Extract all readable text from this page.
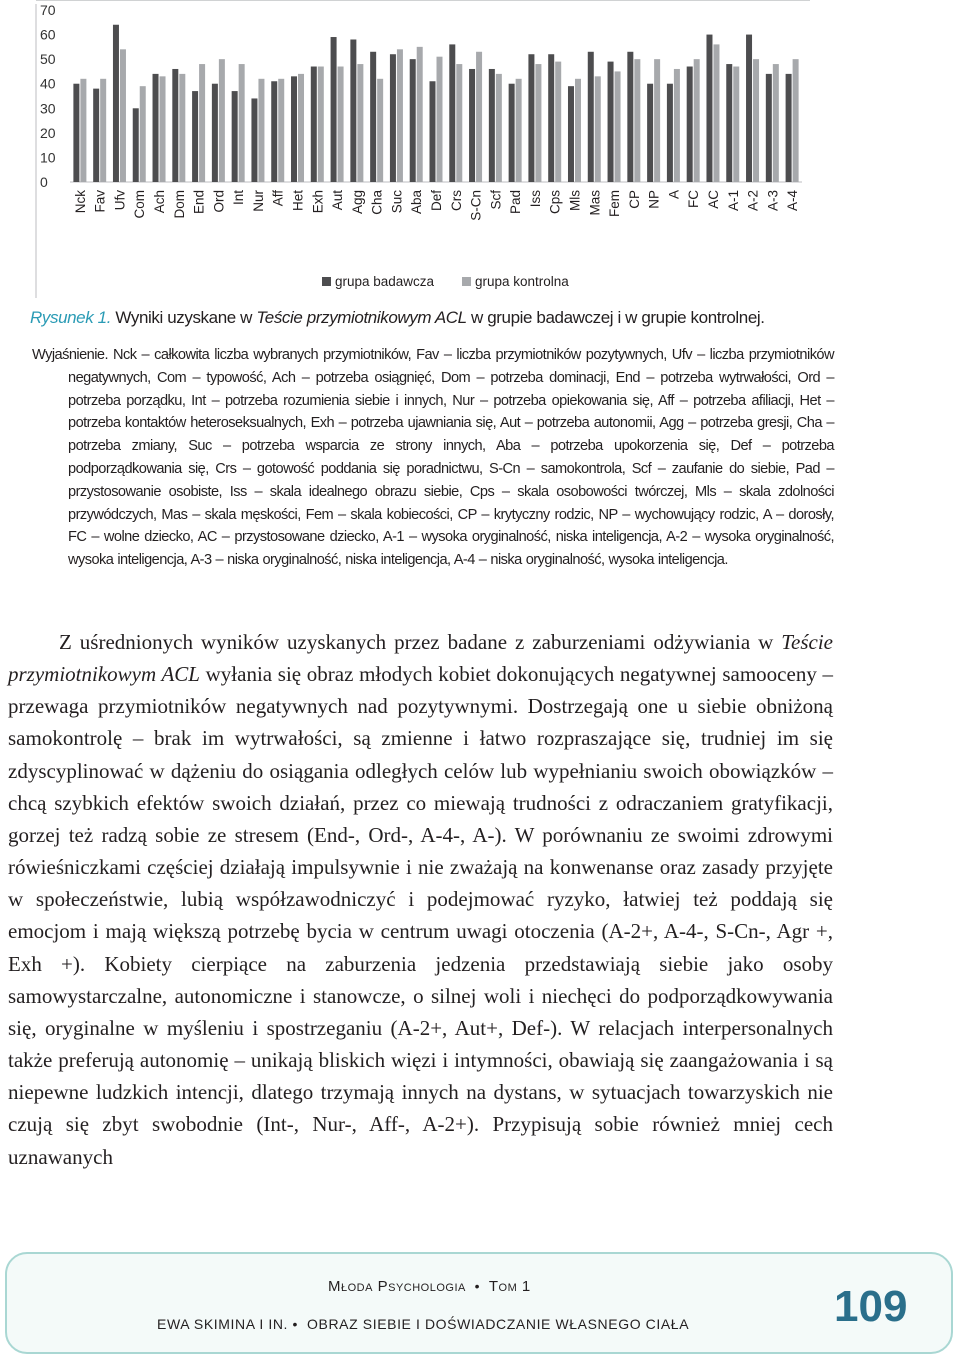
70
60
50
40
30
20
10
0
Nck Fav Ufv Com Ach Dom End Ord Int Nur Aff Het Exh Aut Agg Cha Suc Aba Def Crs S-Cn Scf Pad Iss Cps Mls Mas Fem CP NP A FC AC A-1 A-2 A-3 A-4
grupa badawcza	grupa kontrolna
Rysunek 1. Wyniki uzyskane w Teście przymiotnikowym ACL w grupie badawczej i w grupie kontrolnej.
Wyjaśnienie. Nck – całkowita liczba wybranych przymiotników, Fav – liczba przymiotników pozytywnych, Ufv – liczba przymiotników negatywnych, Com – typowość, Ach – potrzeba osiągnięć, Dom – potrzeba dominacji, End – potrzeba wytrwałości, Ord – potrzeba porządku, Int – potrzeba rozumienia siebie i innych, Nur – potrzeba opiekowania się, Aff – potrzeba afiliacji, Het – potrzeba kontaktów heteroseksualnych, Exh – potrzeba ujawniania się, Aut – potrzeba autonomii, Agg – potrzeba gresji, Cha – potrzeba zmiany, Suc – potrzeba wsparcia ze strony innych, Aba – potrzeba upokorzenia się, Def – potrzeba podporządkowania się, Crs – gotowość poddania się poradnictwu, S-Cn – samokontrola, Scf – zaufanie do siebie, Pad – przystosowanie osobiste, Iss – skala idealnego obrazu siebie, Cps – skala osobowości twórczej, Mls – skala zdolności przywódczych, Mas – skala męskości, Fem – skala kobiecości, CP – krytyczny rodzic, NP – wychowujący rodzic, A – dorosły, FC – wolne dziecko, AC – przystosowane dziecko, A-1 – wysoka oryginalność, niska inteligencja, A-2 – wysoka oryginalność, wysoka inteligencja, A-3 – niska oryginalność, niska inteligencja, A-4 – niska oryginalność, wysoka inteligencja.
Z uśrednionych wyników uzyskanych przez badane z zaburzeniami odżywiania w Teście przymiotnikowym ACL wyłania się obraz młodych kobiet dokonujących negatywnej samooceny – przewaga przymiotników negatywnych nad pozytywnymi. Dostrzegają one u siebie obniżoną samokontrolę – brak im wytrwałości, są zmienne i łatwo rozpraszające się, trudniej im się zdyscyplinować w dążeniu do osiągania odległych celów lub wypełnianiu swoich obowiązków – chcą szybkich efektów swoich działań, przez co miewają trudności z odraczaniem gratyfikacji, gorzej też radzą sobie ze stresem (End-, Ord-, A-4-, A-). W porównaniu ze swoimi zdrowymi rówieśniczkami częściej działają impulsywnie i nie zważają na konwenanse oraz zasady przyjęte w społeczeństwie, lubią współzawodniczyć i podejmować ryzyko, łatwiej też poddają się emocjom i mają większą potrzebę bycia w centrum uwagi otoczenia (A-2+, A-4-, S-Cn-, Agr +, Exh +). Kobiety cierpiące na zaburzenia jedzenia przedstawiają siebie jako osoby samowystarczalne, autonomiczne i stanowcze, o silnej woli i niechęci do podporządkowywania się, oryginalne w myśleniu i spostrzeganiu (A-2+, Aut+, Def-). W relacjach interpersonalnych także preferują autonomię – unikają bliskich więzi i intymności, obawiają się zaangażowania i są niepewne ludzkich intencji, dlatego trzymają innych na dystans, w sytuacjach towarzyskich nie czują się zbyt swobodnie (Int-, Nur-, Aff-, A-2+). Przypisują sobie również mniej cech uznawanych
Młoda Psychologia • Tom 1
EWA SKIMINA I IN. • OBRAZ SIEBIE I DOŚWIADCZANIE WŁASNEGO CIAŁA	109
